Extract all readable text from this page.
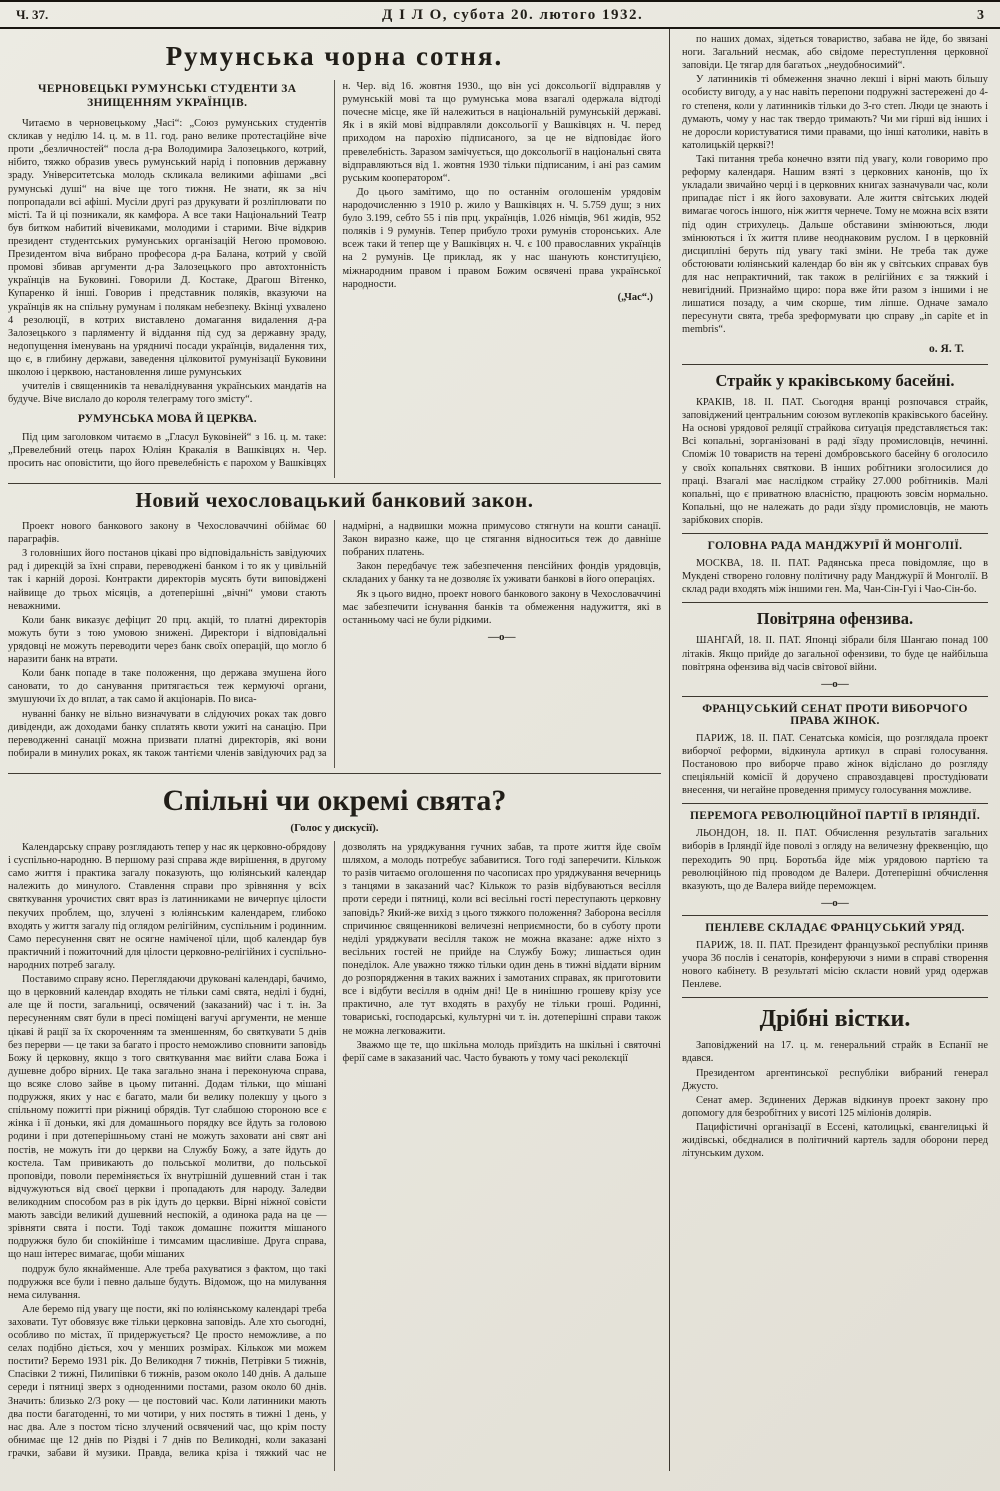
Ч. 37.	Д І Л О, субота 20. лютого 1932.	3
Румунська чорна сотня.
ЧЕРНОВЕЦЬКІ РУМУНСЬКІ СТУДЕНТИ ЗА ЗНИЩЕННЯМ УКРАЇНЦІВ.

Читаємо в черновецькому „Часі“: „Союз румунських студентів скликав у неділю 14. ц. м. в 11. год. рано велике протестаційне віче проти „безличностей“ посла д-ра Володимира Залозецького, котрий, нібито, тяжко образив увесь румунський нарід і поповнив державну зраду. Університетська молодь скликала великими афішами „всі румунські душі“ на віче ще того тижня. Не знати, як за ніч попропадали всі афіші. Мусіли другі раз друкувати й розліплювати по місті. Та й ці позникали, як камфора. А все таки Національний Театр був битком набитий вічевиками, молодими і старими. Віче відкрив президент студентських румунських організацій Негою промовою. Президентом віча вибрано професора д-ра Балана, котрий у своїй промові збивав аргументи д-ра Залозецького про автохтонність українців на Буковині. Говорили Д. Костаке, Драгош Вітенко, Купаренко й інші. Говорив і представник поляків, вказуючи на українців як на спільну румунам і полякам небезпеку. Вкінці ухвалено 4 резолюції, в котрих виставлено домагання видалення д-ра Залозецького з парляменту й віддання під суд за державну зраду, недопущення іменувань на урядничі посади українців, видалення тих, що є, в глибину держави, заведення цілковитої румунізації Буковини школою і церквою, настановлення лише румунських

учителів і священників та неваліднування українських мандатів на будуче. Віче вислало до короля телеграму того змісту“.

РУМУНСЬКА МОВА Й ЦЕРКВА.

Під цим заголовком читаємо в „Гласул Буковіней“ з 16. ц. м. таке: „Превелебний отець парох Юліян Кракалія в Вашківцях н. Чер. просить нас оповістити, що його превелебність є парохом у Вашківцях н. Чер. від 16. жовтня 1930., що він усі доксольогії відправляв у румунській мові та що румунська мова взагалі одержала відтоді почесне місце, яке їй належиться в національній румунській державі. Як і в якій мові відправляли доксольогії у Вашківцях н. Ч. перед приходом на парохію підписаного, за це не відповідає його превелебність. Заразом замічується, що доксольогії в національні свята відправляються від 1. жовтня 1930 тільки підписаним, і ані раз самим руським кооператором“.

До цього замітимо, що по останнім оголошенім урядовім народочисленню з 1910 р. жило у Вашківцях н. Ч. 5.759 душ; з них було 3.199, себто 55 і пів прц. українців, 1.026 німців, 961 жидів, 952 поляків і 9 румунів. Тепер прибуло трохи румунів сторонських. Але всеж таки й тепер ще у Вашківцях н. Ч. є 100 православних українців на 2 румунів. Це приклад, як у нас шанують конституцією, міжнародним правом і правом Божим освячені права української народности.

(„Час“.)

Новий чехословацький банковий закон.

Проект нового банкового закону в Чехословаччині обіймає 60 параграфів.

З головніших його постанов цікаві про відповідальність завідуючих рад і дирекцій за їхні справи, переводжені банком і то як у цивільній так і карній дорозі. Контракти директорів мусять бути виповіджені найвище до трьох місяців, а дотеперішні „вічні“ умови стають неважними.

Коли банк виказує дефіцит 20 прц. акцій, то платні директорів можуть бути з тою умовою знижені. Директори і відповідальні урядовці не можуть переводити через банк своїх операцій, що могло б наразити банк на втрати.

Коли банк попаде в таке положення, що держава змушена його сановати, то до санування притягається теж кермуючі органи, змушуючи їх до вплат, а так само й акціонарів. По виса-

нуванні банку не вільно визначувати в слідуючих роках так довго дивіденди, аж доходами банку сплатять квоти ужиті на санацію. При переводженні санації можна призвати платні директорів, які вони побирали в минулих роках, як також тантієми членів завідуючих рад за надмірні, а надвишки можна примусово стягнути на кошти санації. Закон виразно каже, що це стягання відноситься теж до давніше побраних платень.

Закон передбачує теж забезпечення пенсійних фондів урядовців, складаних у банку та не дозволяє їх уживати банкові в його операціях.

Як з цього видно, проект нового банкового закону в Чехословаччині має забезпечити існування банків та обмеження надужиття, які в останньому часі не були рідкими.

—о—

Спільні чи окремі свята?
(Голос у дискусії).

Календарську справу розглядають тепер у нас як церковно-обрядову і суспільно-народню. В першому разі справа жде вирішення, в другому само життя і практика загалу показують, що юліянський календар належить до минулого. Ставлення справи про зрівняння у всіх святкування урочистих свят враз із латинниками не вичерпує цілости пекучих проблем, що, злучені з юліянським календарем, глибоко входять у життя загалу під оглядом релігійним, суспільним і родинним. Само пересунення свят не осягне наміченої ціли, щоб календар був практичний і пожиточний для цілости церковно-релігійних і суспільно-народних потреб загалу.

Поставимо справу ясно. Переглядаючи друковані календарі, бачимо, що в церковний календар входять не тільки самі свята, неділі і будні, але ще й пости, загальниці, освячений (заказаний) час і т. ін. За пересуненням свят були в пресі поміщені вагучі аргументи, не менше цікаві й рації за їх скороченням та зменшенням, бо святкувати 5 днів без перерви — це таки за багато і просто неможливо сповнити заповідь Божу й церковну, якщо з того святкування має вийти слава Божа і душевне добро вірних. Це така загально знана і переконуюча справа, що всяке слово зайве в цьому питанні. Додам тільки, що мішані подружжя, яких у нас є багато, мали би велику полекшу у цього з спільному пожитті при ріжниці обрядів. Тут слабшою стороною все є жінка і її доньки, які для домашнього порядку все йдуть за головою родини і при дотеперішньому стані не можуть заховати ані свят ані постів, не можуть іти до церкви на Службу Божу, а зате йдуть до костела. Там привикають до польської молитви, до польської проповіди, поволи переміняється їх внутрішній душевний стан і так відчужуються від своєї церкви і пропадають для народу. Заледви великодним способом раз в рік ідуть до церкви. Вірні ніжної совісти мають завсіди великий душевний неспокій, а одинока рада на це — зрівняти свята і пости. Тоді також домашнє пожиття мішаного подружжя було би спокійніше і тимсамим щасливіше. Друга справа, що наш інтерес вимагає, щоби мішаних

подруж було якнайменше. Але треба рахуватися з фактом, що такі подружжя все були і певно дальше будуть. Відомож, що на милування нема силування.

Але беремо під увагу ще пости, які по юліянському календарі треба заховати. Тут обовязує вже тільки церковна заповідь. Але хто сьогодні, особливо по містах, її придержується? Це просто неможливе, а по селах подібно діється, хоч у менших розмірах. Кількож ми можем постити? Беремо 1931 рік. До Великодня 7 тижнів, Петрівки 5 тижнів, Спасівки 2 тижні, Пилипівки 6 тижнів, разом около 140 днів. А дальше середи і пятниці зверх з одноденними постами, разом около 60 днів. Значить: близько 2/3 року — це постовий час. Коли латинники мають два пости багатоденні, то ми чотири, у них постять в тижні 1 день, у нас два. Але з постом тісно злучений освячений час, що крім посту обнимає ще 12 днів по Різдві і 7 днів по Великодні, коли заказані грачки, забави й музики. Правда, велика кріза і тяжкий час не дозволять на уряджування гучних забав, та проте життя йде своїм шляхом, а молодь потребує забавитися. Того годі заперечити. Кількож то разів читаємо оголошення по часописах про уряджування вечерниць з танцями в заказаний час? Кількож то разів відбуваються весілля проти середи і пятниці, коли всі весільні гості переступають церковну заповідь? Який-же вихід з цього тяжкого положення? Заборона весілля спричинює священникові величезні неприємности, бо в суботу проти неділі уряджувати весілля також не можна вказане: адже ніхто з весільних гостей не прийде на Службу Божу; лишається один понеділок. Але уважно тяжко тільки один день в тижні віддати вірним до розпорядження в таких важних і замотаних справах, як приготовити все і відбути весілля в однім дні! Це в нинішню грошеву крізу усе практично, але тут входять в рахубу не тільки гроші. Родинні, товариські, господарські, культурні чи т. ін. дотеперішні справи також не можна легковажити.

Зважмо ще те, що шкільна молодь приїздить на шкільні і святочні ферії саме в заказаний час. Часто бувають у тому часі реколєкції

по наших домах, зідеться товариство, забава не йде, бо звязані ноги. Загальний несмак, або свідоме переступлення церковної заповіди. Це тягар для багатьох „неудобносимий“.

У латинників ті обмеження значно лекші і вірні мають більшу особисту вигоду, а у нас навіть перепони подружні застережені до 4-го степеня, коли у латинників тільки до 3-го степ. Люди це знають і думають, чому у нас так твердо тримають? Чи ми гірші від інших і не доросли користуватися тими правами, що інші католики, навіть в католицькій церкві?!

Такі питання треба конечно взяти під увагу, коли говоримо про реформу календаря. Нашим взяті з церковних канонів, що їх укладали звичайно черці і в церковних книгах зазначували час, коли припадає піст і як його заховувати. Але життя світських людей вимагає чогось іншого, ніж життя чернече. Тому не можна всіх взяти під один стрихулець. Дальше обставини змінюються, люди змінюються і їх життя пливе неоднаковим руслом. І в церковній дисципліні беруть під увагу такі зміни. Не треба так дуже обстоювати юліянський календар бо він як у світських справах був для нас непрактичний, так також в релігійних є за тяжкий і невигідний. Признаймо щиро: пора вже йти разом з іншими і не лишатися позаду, а чим скорше, тим ліпше. Одначе замало пересунути свята, треба зреформувати цю справу „in capite et in membris“.

о. Я. Т.

Страйк у краківському басейні.

КРАКІВ, 18. II. ПАТ. Сьогодня вранці розпочався страйк, заповіджений центральним союзом вуглекопів краківського басейну. На основі урядової реляції страйкова ситуація представляється так: Всі копальні, зорганізовані в раді зїзду промисловців, нечинні. Споміж 10 товариств на терені домбровського басейну 6 оголосило у своїх копальнях святкови. В інших робітники зголосилися до праці. Взагалі має наслідком страйку 27.000 робітників. Малі копальні, що є приватною власністю, працюють зовсім нормально. Копальні, що не належать до ради зїзду промисловців, не мають зарібкових спорів.

ГОЛОВНА РАДА МАНДЖУРІЇ Й МОНГОЛІЇ.

МОСКВА, 18. II. ПАТ. Радянська преса повідомляє, що в Мукдені створено головну політичну раду Манджурії й Монголії. В склад ради входять між іншими ген. Ма, Чан-Сін-Гуі і Чао-Сін-бо.

Повітряна офензива.

ШАНГАЙ, 18. II. ПАТ. Японці зібрали біля Шангаю понад 100 літаків. Якщо прийде до загальної офензиви, то буде це найбільша повітряна офензива від часів світової війни.

—о—

ФРАНЦУСЬКИЙ СЕНАТ ПРОТИ ВИБОРЧОГО ПРАВА ЖІНОК.

ПАРИЖ, 18. II. ПАТ. Сенатська комісія, що розглядала проект виборчої реформи, відкинула артикул в справі голосування. Постановою про виборче право жінок відіслано до розгляду спеціяльній комісії й доручено справоздавцеві простудіювати внесення, чи негайне проведення примусу голосування можливе.

ПЕРЕМОГА РЕВОЛЮЦІЙНОЇ ПАРТІЇ В ІРЛЯНДІЇ.

ЛЬОНДОН, 18. II. ПАТ. Обчислення результатів загальних виборів в Ірляндії йде поволі з огляду на величезну фреквенцію, що переходить 90 прц. Боротьба йде між урядовою партією та революційною під проводом де Валери. Дотеперішні обчислення вказують, що де Валера вийде переможцем.

—о—

ПЕНЛЕВЕ СКЛАДАЄ ФРАНЦУСЬКИЙ УРЯД.

ПАРИЖ, 18. II. ПАТ. Президент французької республіки приняв учора 36 послів і сенаторів, конферуючи з ними в справі створення нового кабінету. В результаті місію скласти новий уряд одержав Пенлеве.

Дрібні вістки.

Заповіджений на 17. ц. м. генеральний страйк в Еспанії не вдався.

Президентом аргентинської республіки вибраний генерал Джусто.

Сенат амер. Зєдинених Держав відкинув проект закону про допомогу для безробітних у висоті 125 міліонів долярів.

Пацифістичні організації в Ессені, католицькі, євангелицькі й жидівські, обєдналися в політичний картель задля оборони перед літунським духом.
